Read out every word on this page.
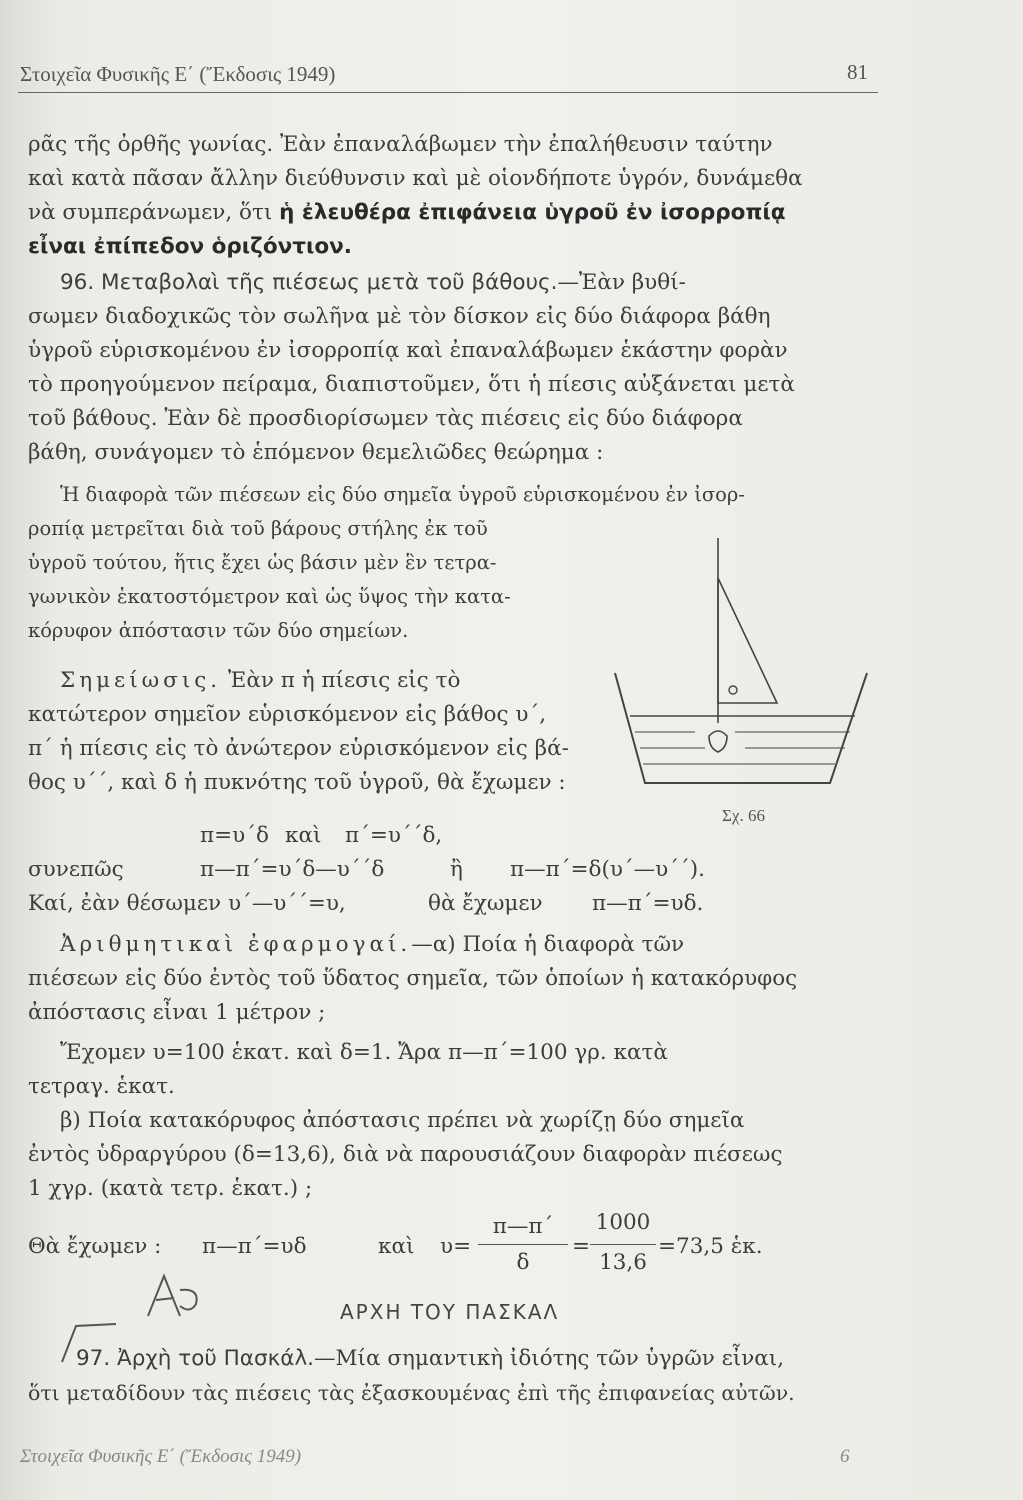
Στοιχεῖα Φυσικῆς Ε΄ (Ἔκδοσις 1949)	81
ρᾶς τῆς ὀρθῆς γωνίας. Ἐὰν ἐπαναλάβωμεν τὴν ἐπαλήθευσιν ταύτην
καὶ κατὰ πᾶσαν ἄλλην διεύθυνσιν καὶ μὲ οἱονδήποτε ὑγρόν, δυνάμεθα
νὰ συμπεράνωμεν, ὅτι ἡ ἐλευθέρα ἐπιφάνεια ὑγροῦ ἐν ἰσορροπίᾳ
εἶναι ἐπίπεδον ὁριζόντιον.
96. Μεταβολαὶ τῆς πιέσεως μετὰ τοῦ βάθους.—Ἐὰν βυθί-
σωμεν διαδοχικῶς τὸν σωλῆνα μὲ τὸν δίσκον εἰς δύο διάφορα βάθη
ὑγροῦ εὑρισκομένου ἐν ἰσορροπίᾳ καὶ ἐπαναλάβωμεν ἑκάστην φορὰν
τὸ προηγούμενον πείραμα, διαπιστοῦμεν, ὅτι ἡ πίεσις αὐξάνεται μετὰ
τοῦ βάθους. Ἐὰν δὲ προσδιορίσωμεν τὰς πιέσεις εἰς δύο διάφορα
βάθη, συνάγομεν τὸ ἑπόμενον θεμελιῶδες θεώρημα :
Ἡ διαφορὰ τῶν πιέσεων εἰς δύο σημεῖα ὑγροῦ εὑρισκομένου ἐν ἰσορ-
ροπίᾳ μετρεῖται διὰ τοῦ βάρους στήλης ἐκ τοῦ
ὑγροῦ τούτου, ἥτις ἔχει ὡς βάσιν μὲν ἓν τετρα-
γωνικὸν ἑκατοστόμετρον καὶ ὡς ὕψος τὴν κατα-
κόρυφον ἀπόστασιν τῶν δύο σημείων.
Σημείωσις. Ἐὰν π ἡ πίεσις εἰς τὸ
κατώτερον σημεῖον εὑρισκόμενον εἰς βάθος υ΄,
π΄ ἡ πίεσις εἰς τὸ ἀνώτερον εὑρισκόμενον εἰς βά-
θος υ΄΄, καὶ δ ἡ πυκνότης τοῦ ὑγροῦ, θὰ ἔχωμεν :
Σχ. 66
π=υ΄δ καὶ π΄=υ΄΄δ,
συνεπῶς	π—π΄=υ΄δ—υ΄΄δ	ἢ π—π΄=δ(υ΄—υ΄΄).
Καί, ἐὰν θέσωμεν υ΄—υ΄΄=υ,	θὰ ἔχωμεν π—π΄=υδ.
Ἀριθμητικαὶ ἐφαρμογαί.—α) Ποία ἡ διαφορὰ τῶν
πιέσεων εἰς δύο ἐντὸς τοῦ ὕδατος σημεῖα, τῶν ὁποίων ἡ κατακόρυφος
ἀπόστασις εἶναι 1 μέτρον ;
Ἔχομεν υ=100 ἑκατ. καὶ δ=1. Ἄρα π—π΄=100 γρ. κατὰ
τετραγ. ἑκατ.
β) Ποία κατακόρυφος ἀπόστασις πρέπει νὰ χωρίζῃ δύο σημεῖα
ἐντὸς ὑδραργύρου (δ=13,6), διὰ νὰ παρουσιάζουν διαφορὰν πιέσεως
1 χγρ. (κατὰ τετρ. ἑκατ.) ;
Θὰ ἔχωμεν : π—π΄=υδ	καὶ υ=
π—π΄
δ
=
1000
13,6
=73,5 ἑκ.
ΑΡΧΗ ΤΟΥ ΠΑΣΚΑΛ
97. Ἀρχὴ τοῦ Πασκάλ.—Μία σημαντικὴ ἰδιότης τῶν ὑγρῶν εἶναι,
ὅτι μεταδίδουν τὰς πιέσεις τὰς ἐξασκουμένας ἐπὶ τῆς ἐπιφανείας αὐτῶν.
Στοιχεῖα Φυσικῆς Ε΄ (Ἔκδοσις 1949)	6
